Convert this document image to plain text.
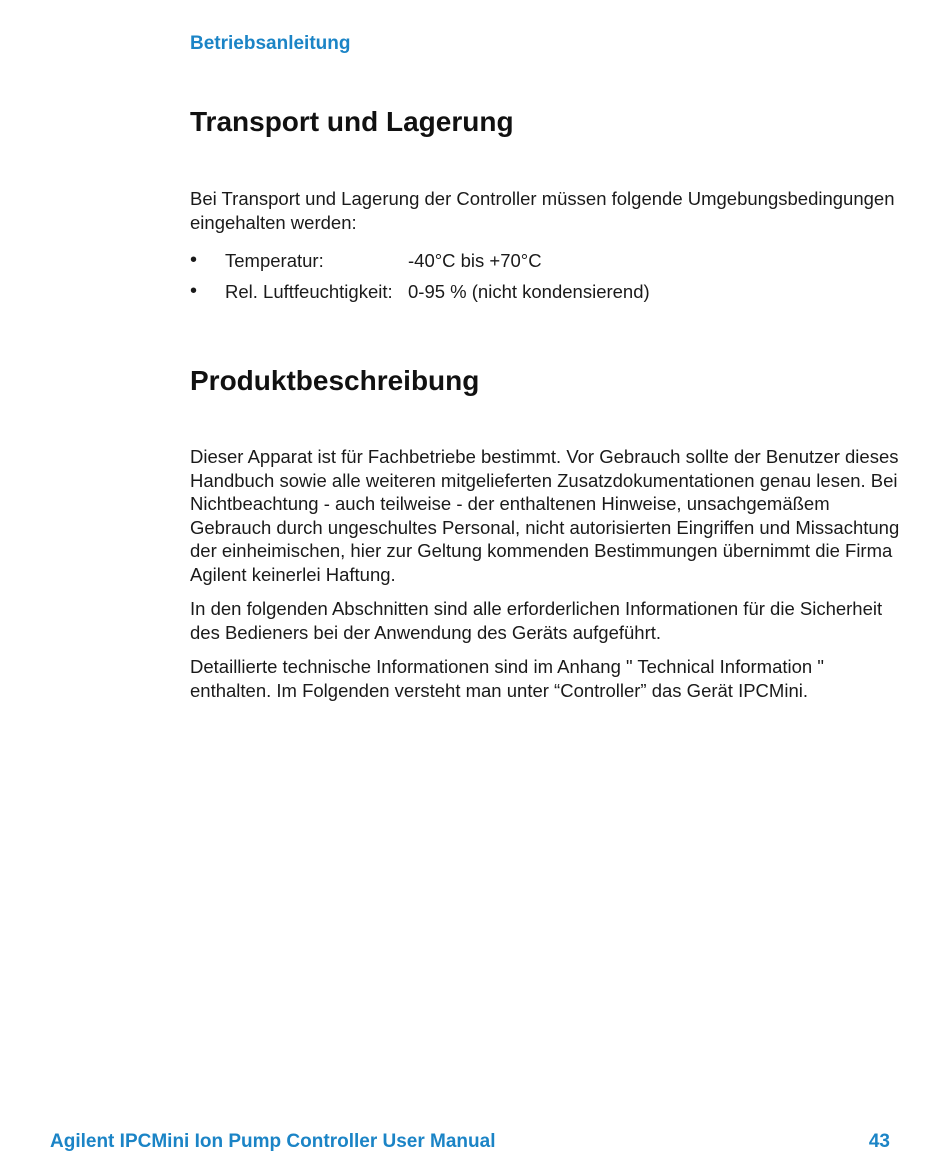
Betriebsanleitung
Transport und Lagerung

Bei Transport und Lagerung der Controller müssen folgende Umgebungsbedingungen eingehalten werden:

•	Temperatur:	-40°C bis +70°C
•	Rel. Luftfeuchtigkeit: 0-95 % (nicht kondensierend)
Produktbeschreibung

Dieser Apparat ist für Fachbetriebe bestimmt. Vor Gebrauch sollte der Benutzer dieses Handbuch sowie alle weiteren mitgelieferten Zusatzdokumentationen genau lesen. Bei Nichtbeachtung - auch teilweise - der enthaltenen Hinweise, unsachgemäßem Gebrauch durch ungeschultes Personal, nicht autorisierten Eingriffen und Missachtung der einheimischen, hier zur Geltung kommenden Bestimmungen übernimmt die Firma Agilent keinerlei Haftung.

In den folgenden Abschnitten sind alle erforderlichen Informationen für die Sicherheit des Bedieners bei der Anwendung des Geräts aufgeführt.

Detaillierte technische Informationen sind im Anhang " Technical Information " enthalten. Im Folgenden versteht man unter “Controller” das Gerät IPCMini.

Agilent IPCMini Ion Pump Controller User Manual	43
